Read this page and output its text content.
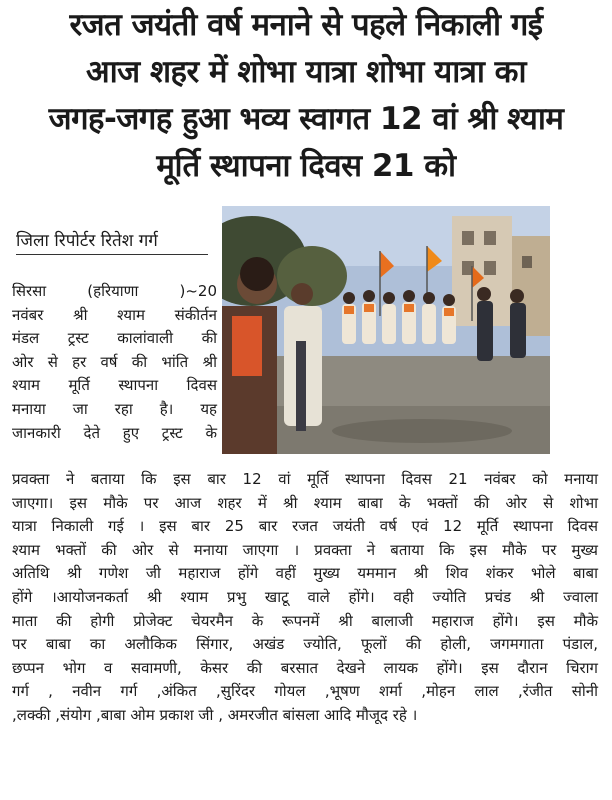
रजत जयंती वर्ष मनाने से पहले निकाली गई
आज शहर में शोभा यात्रा शोभा यात्रा का
जगह-जगह हुआ भव्य स्वागत 12 वां श्री श्याम
मूर्ति स्थापना दिवस 21 को
जिला रिपोर्टर रितेश गर्ग
सिरसा (हरियाणा )~20
नवंबर श्री श्याम संकीर्तन
मंडल ट्रस्ट कालांवाली की
ओर से हर वर्ष की भांति श्री
श्याम मूर्ति स्थापना दिवस
मनाया जा रहा है। यह
जानकारी देते हुए ट्रस्ट के
प्रवक्ता ने बताया कि इस बार 12 वां मूर्ति स्थापना दिवस 21 नवंबर को मनाया
जाएगा। इस मौके पर आज शहर में श्री श्याम बाबा के भक्तों की ओर से शोभा
यात्रा निकाली गई । इस बार 25 बार रजत जयंती वर्ष एवं 12 मूर्ति स्थापना दिवस
श्याम भक्तों की ओर से मनाया जाएगा । प्रवक्ता ने बताया कि इस मौके पर मुख्य
अतिथि श्री गणेश जी महाराज होंगे वहीं मुख्य यममान श्री शिव शंकर भोले बाबा
होंगे ।आयोजनकर्ता श्री श्याम प्रभु खाटू वाले होंगे। वही ज्योति प्रचंड श्री ज्वाला
माता की होगी प्रोजेक्ट चेयरमैन के रूपनमें श्री बालाजी महाराज होंगे। इस मौके
पर बाबा का अलौकिक सिंगार, अखंड ज्योति, फूलों की होली, जगमगाता पंडाल,
छप्पन भोग व सवामणी, केसर की बरसात देखने लायक होंगे। इस दौरान चिराग
गर्ग , नवीन गर्ग ,अंकित ,सुरिंदर गोयल ,भूषण शर्मा ,मोहन लाल ,रंजीत सोनी
,लक्की ,संयोग ,बाबा ओम प्रकाश जी , अमरजीत बांसला आदि मौजूद रहे ।
